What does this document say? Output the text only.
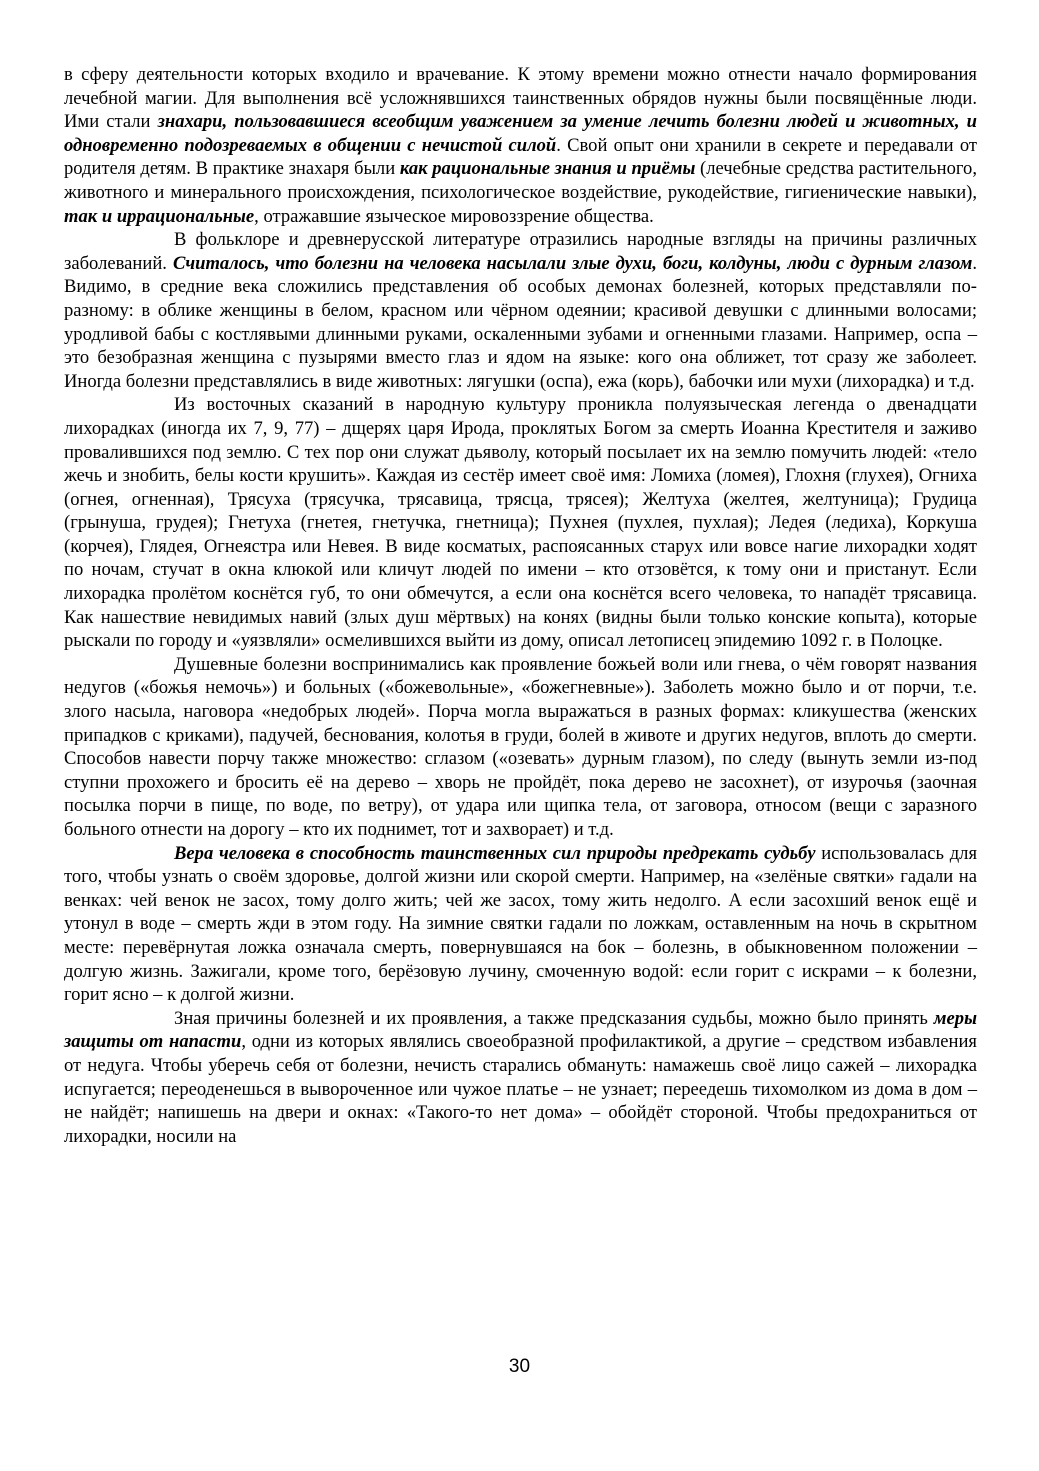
в сферу деятельности которых входило и врачевание. К этому времени можно отнести начало формирования лечебной магии. Для выполнения всё усложнявшихся таинственных обрядов нужны были посвящённые люди. Ими стали знахари, пользовавшиеся всеобщим уважением за умение лечить болезни людей и животных, и одновременно подозреваемых в общении с нечистой силой. Свой опыт они хранили в секрете и передавали от родителя детям. В практике знахаря были как рациональные знания и приёмы (лечебные средства растительного, животного и минерального происхождения, психологическое воздействие, рукодействие, гигиенические навыки), так и иррациональные, отражавшие языческое мировоззрение общества.

В фольклоре и древнерусской литературе отразились народные взгляды на причины различных заболеваний. Считалось, что болезни на человека насылали злые духи, боги, колдуны, люди с дурным глазом. Видимо, в средние века сложились представления об особых демонах болезней, которых представляли по-разному: в облике женщины в белом, красном или чёрном одеянии; красивой девушки с длинными волосами; уродливой бабы с костлявыми длинными руками, оскаленными зубами и огненными глазами. Например, оспа – это безобразная женщина с пузырями вместо глаз и ядом на языке: кого она оближет, тот сразу же заболеет. Иногда болезни представлялись в виде животных: лягушки (оспа), ежа (корь), бабочки или мухи (лихорадка) и т.д.

Из восточных сказаний в народную культуру проникла полуязыческая легенда о двенадцати лихорадках (иногда их 7, 9, 77) – дщерях царя Ирода, проклятых Богом за смерть Иоанна Крестителя и заживо провалившихся под землю. С тех пор они служат дьяволу, который посылает их на землю помучить людей: «тело жечь и знобить, белы кости крушить». Каждая из сестёр имеет своё имя: Ломиха (ломея), Глохня (глухея), Огниха (огнея, огненная), Трясуха (трясучка, трясавица, трясца, трясея); Желтуха (желтея, желтуница); Грудица (грынуша, грудея); Гнетуха (гнетея, гнетучка, гнетница); Пухнея (пухлея, пухлая); Ледея (ледиха), Коркуша (корчея), Глядея, Огнеястра или Невея. В виде косматых, распоясанных старух или вовсе нагие лихорадки ходят по ночам, стучат в окна клюкой или кличут людей по имени – кто отзовётся, к тому они и пристанут. Если лихорадка пролётом коснётся губ, то они обмечутся, а если она коснётся всего человека, то нападёт трясавица. Как нашествие невидимых навий (злых душ мёртвых) на конях (видны были только конские копыта), которые рыскали по городу и «уязвляли» осмелившихся выйти из дому, описал летописец эпидемию 1092 г. в Полоцке.

Душевные болезни воспринимались как проявление божьей воли или гнева, о чём говорят названия недугов («божья немочь») и больных («божевольные», «божегневные»). Заболеть можно было и от порчи, т.е. злого насыла, наговора «недобрых людей». Порча могла выражаться в разных формах: кликушества (женских припадков с криками), падучей, беснования, колотья в груди, болей в животе и других недугов, вплоть до смерти. Способов навести порчу также множество: сглазом («озевать» дурным глазом), по следу (вынуть земли из-под ступни прохожего и бросить её на дерево – хворь не пройдёт, пока дерево не засохнет), от изурочья (заочная посылка порчи в пище, по воде, по ветру), от удара или щипка тела, от заговора, относом (вещи с заразного больного отнести на дорогу – кто их поднимет, тот и захворает) и т.д.

Вера человека в способность таинственных сил природы предрекать судьбу использовалась для того, чтобы узнать о своём здоровье, долгой жизни или скорой смерти. Например, на «зелёные святки» гадали на венках: чей венок не засох, тому долго жить; чей же засох, тому жить недолго. А если засохший венок ещё и утонул в воде – смерть жди в этом году. На зимние святки гадали по ложкам, оставленным на ночь в скрытном месте: перевёрнутая ложка означала смерть, повернувшаяся на бок – болезнь, в обыкновенном положении – долгую жизнь. Зажигали, кроме того, берёзовую лучину, смоченную водой: если горит с искрами – к болезни, горит ясно – к долгой жизни.

Зная причины болезней и их проявления, а также предсказания судьбы, можно было принять меры защиты от напасти, одни из которых являлись своеобразной профилактикой, а другие – средством избавления от недуга. Чтобы уберечь себя от болезни, нечисть старались обмануть: намажешь своё лицо сажей – лихорадка испугается; переоденешься в вывороченное или чужое платье – не узнает; переедешь тихомолком из дома в дом – не найдёт; напишешь на двери и окнах: «Такого-то нет дома» – обойдёт стороной. Чтобы предохраниться от лихорадки, носили на

30
